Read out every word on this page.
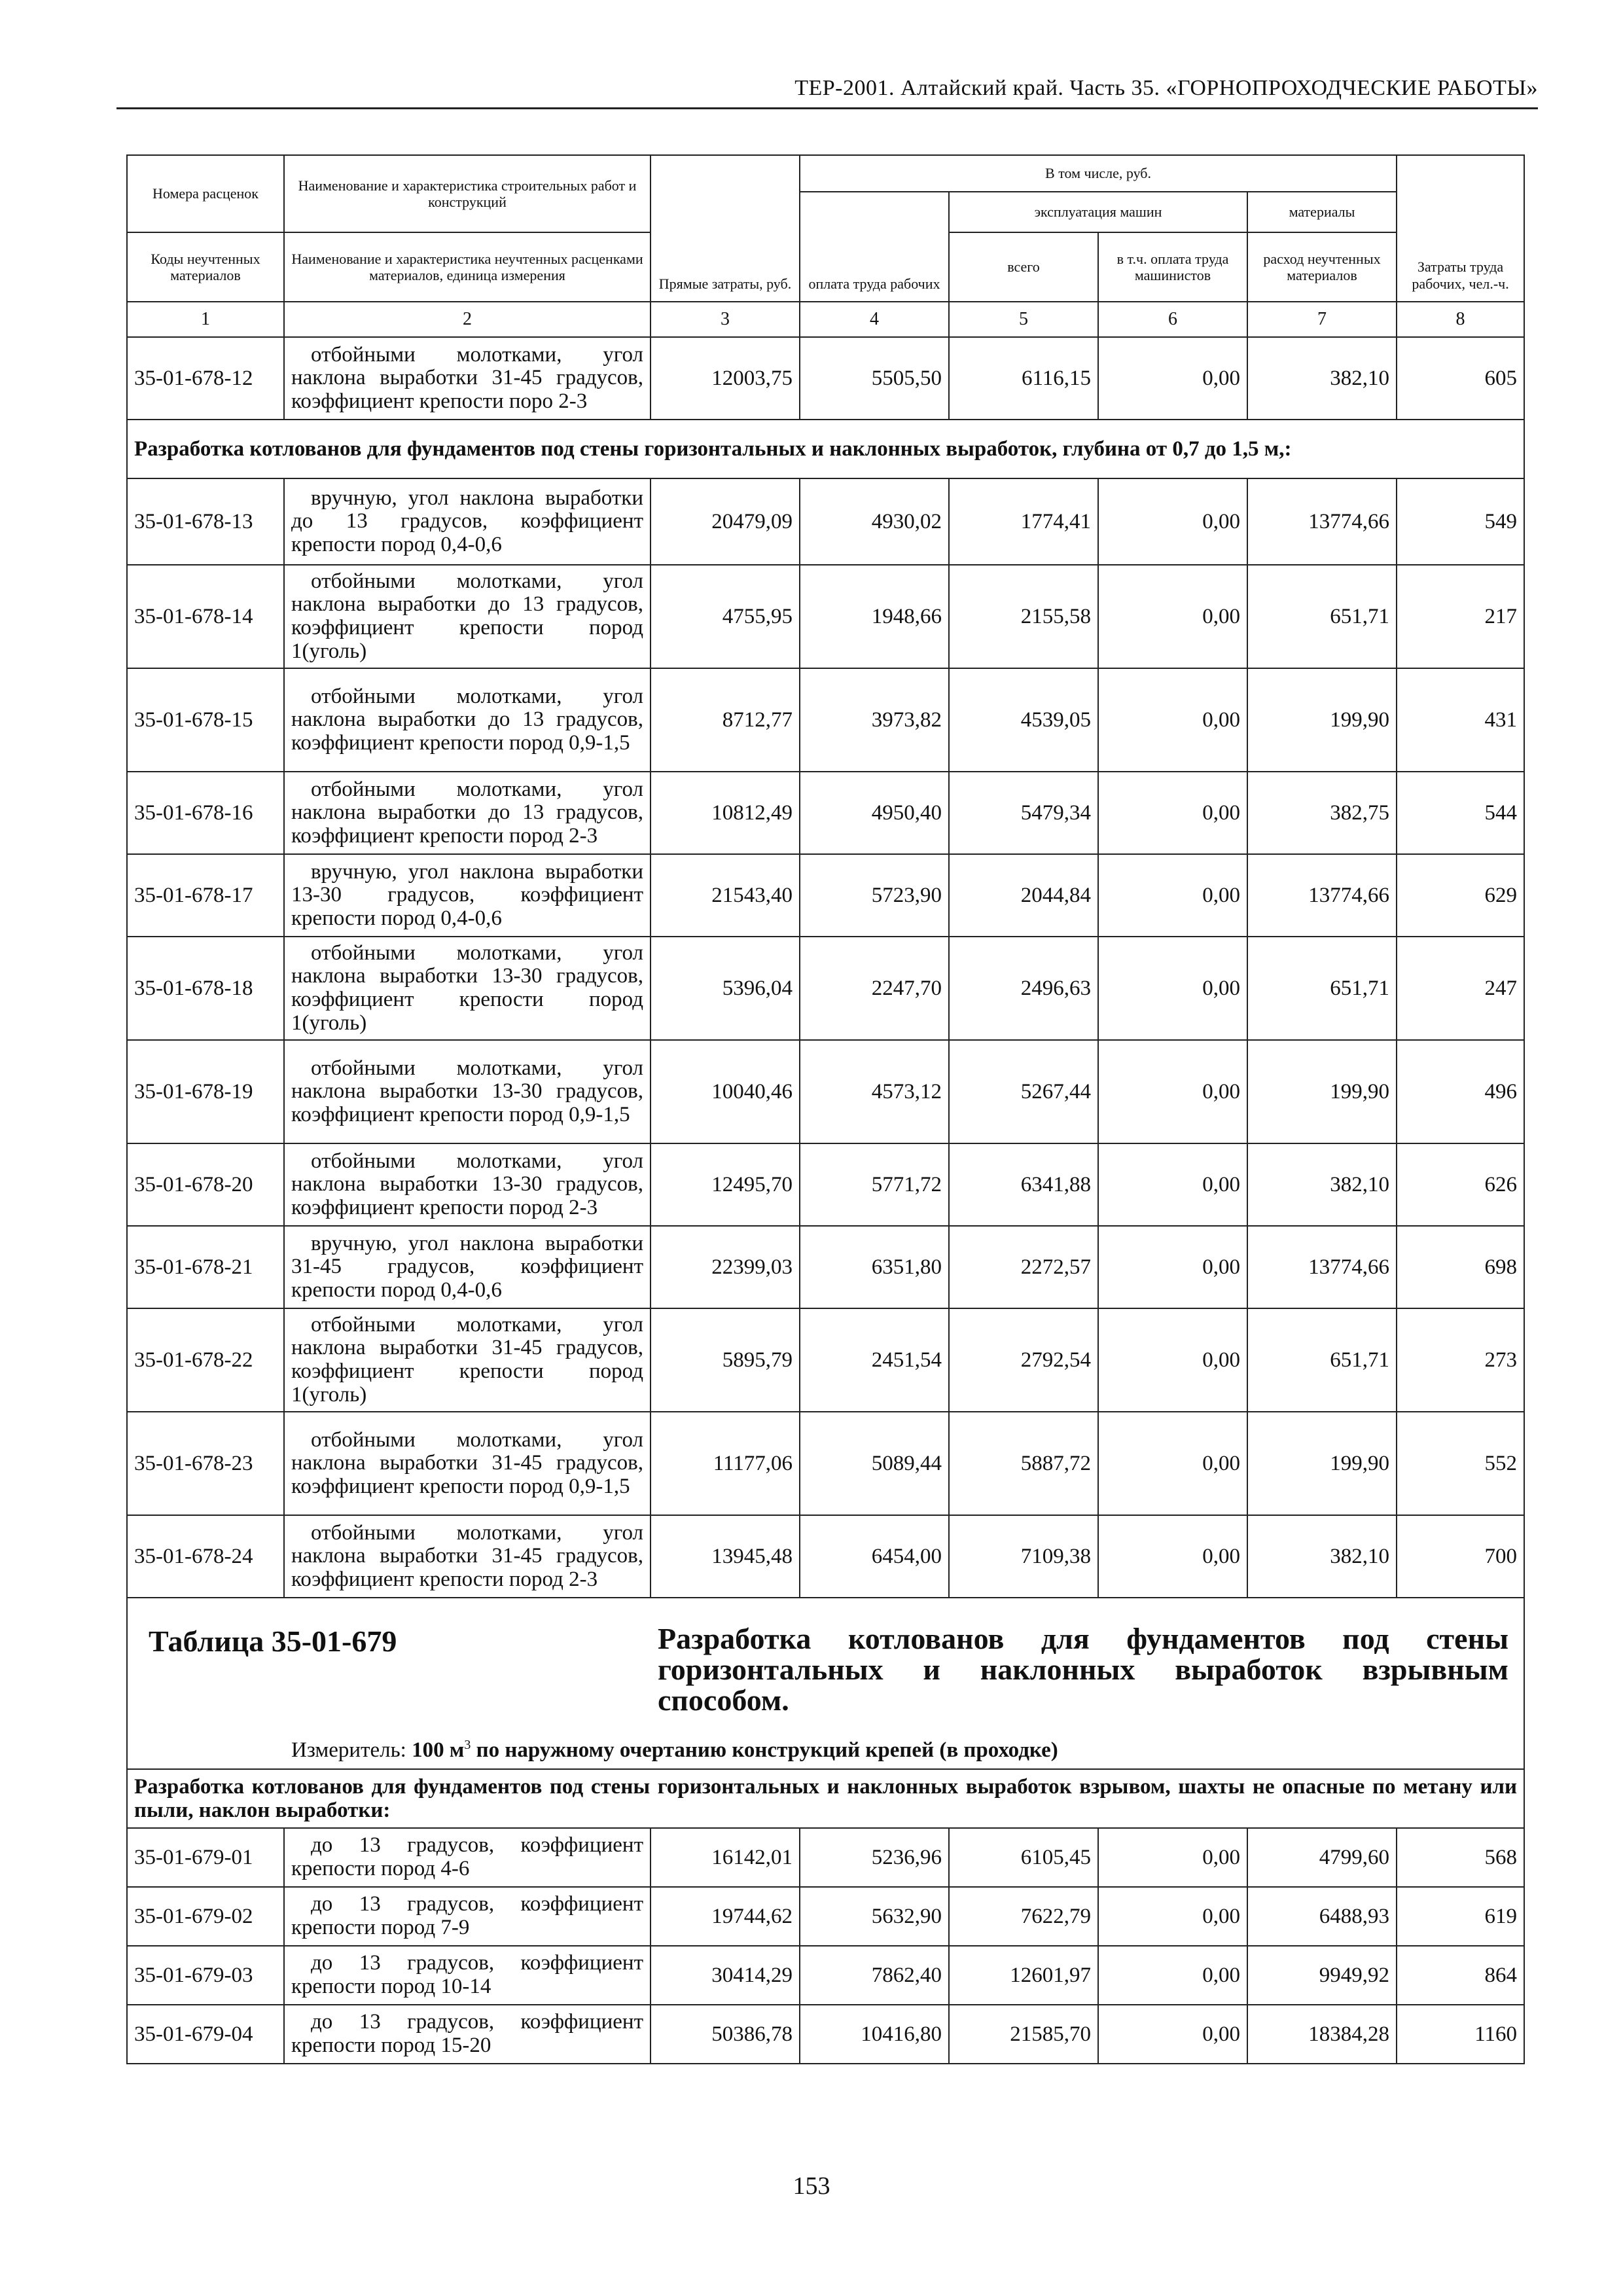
ТЕР-2001. Алтайский край. Часть 35. «ГОРНОПРОХОДЧЕСКИЕ РАБОТЫ»
Номера расценок	Наименование и характеристика строительных работ и конструкций	Прямые затраты, руб.	В том числе, руб.				Затраты труда рабочих, чел.-ч.
			оплата труда рабочих	эксплуатация машин		материалы	
Коды неучтенных материалов	Наименование и характеристика неучтенных расценками материалов, единица измерения			всего	в т.ч. оплата труда машинистов	расход неучтенных материалов	
1	2	3	4	5	6	7	8
35-01-678-12	отбойными молотками, угол наклона выработки 31-45 градусов, коэффициент крепости поро 2-3	12003,75	5505,50	6116,15	0,00	382,10	605
Разработка котлованов для фундаментов под стены горизонтальных и наклонных выработок, глубина от 0,7 до 1,5 м,:							
35-01-678-13	вручную, угол наклона выработки до 13 градусов, коэффициент крепости пород 0,4-0,6	20479,09	4930,02	1774,41	0,00	13774,66	549
35-01-678-14	отбойными молотками, угол наклона выработки до 13 градусов, коэффициент крепости пород 1(уголь)	4755,95	1948,66	2155,58	0,00	651,71	217
35-01-678-15	отбойными молотками, угол наклона выработки до 13 градусов, коэффициент крепости пород 0,9-1,5	8712,77	3973,82	4539,05	0,00	199,90	431
35-01-678-16	отбойными молотками, угол наклона выработки до 13 градусов, коэффициент крепости пород 2-3	10812,49	4950,40	5479,34	0,00	382,75	544
35-01-678-17	вручную, угол наклона выработки 13-30 градусов, коэффициент крепости пород 0,4-0,6	21543,40	5723,90	2044,84	0,00	13774,66	629
35-01-678-18	отбойными молотками, угол наклона выработки 13-30 градусов, коэффициент крепости пород 1(уголь)	5396,04	2247,70	2496,63	0,00	651,71	247
35-01-678-19	отбойными молотками, угол наклона выработки 13-30 градусов, коэффициент крепости пород 0,9-1,5	10040,46	4573,12	5267,44	0,00	199,90	496
35-01-678-20	отбойными молотками, угол наклона выработки 13-30 градусов, коэффициент крепости пород 2-3	12495,70	5771,72	6341,88	0,00	382,10	626
35-01-678-21	вручную, угол наклона выработки 31-45 градусов, коэффициент крепости пород 0,4-0,6	22399,03	6351,80	2272,57	0,00	13774,66	698
35-01-678-22	отбойными молотками, угол наклона выработки 31-45 градусов, коэффициент крепости пород 1(уголь)	5895,79	2451,54	2792,54	0,00	651,71	273
35-01-678-23	отбойными молотками, угол наклона выработки 31-45 градусов, коэффициент крепости пород 0,9-1,5	11177,06	5089,44	5887,72	0,00	199,90	552
35-01-678-24	отбойными молотками, угол наклона выработки 31-45 градусов, коэффициент крепости пород 2-3	13945,48	6454,00	7109,38	0,00	382,10	700

Таблица 35-01-679 Разработка котлованов для фундаментов под стены горизонтальных и наклонных выработок взрывным способом.
Измеритель: 100 $м^3$ по наружному очертанию конструкций крепей (в проходке)							

Разработка котлованов для фундаментов под стены горизонтальных и наклонных выработок взрывом, шахты не опасные по метану или пыли, наклон выработки:							
35-01-679-01	до 13 градусов, коэффициент крепости пород 4-6	16142,01	5236,96	6105,45	0,00	4799,60	568
35-01-679-02	до 13 градусов, коэффициент крепости пород 7-9	19744,62	5632,90	7622,79	0,00	6488,93	619
35-01-679-03	до 13 градусов, коэффициент крепости пород 10-14	30414,29	7862,40	12601,97	0,00	9949,92	864
35-01-679-04	до 13 градусов, коэффициент крепости пород 15-20	50386,78	10416,80	21585,70	0,00	18384,28	1160
153
